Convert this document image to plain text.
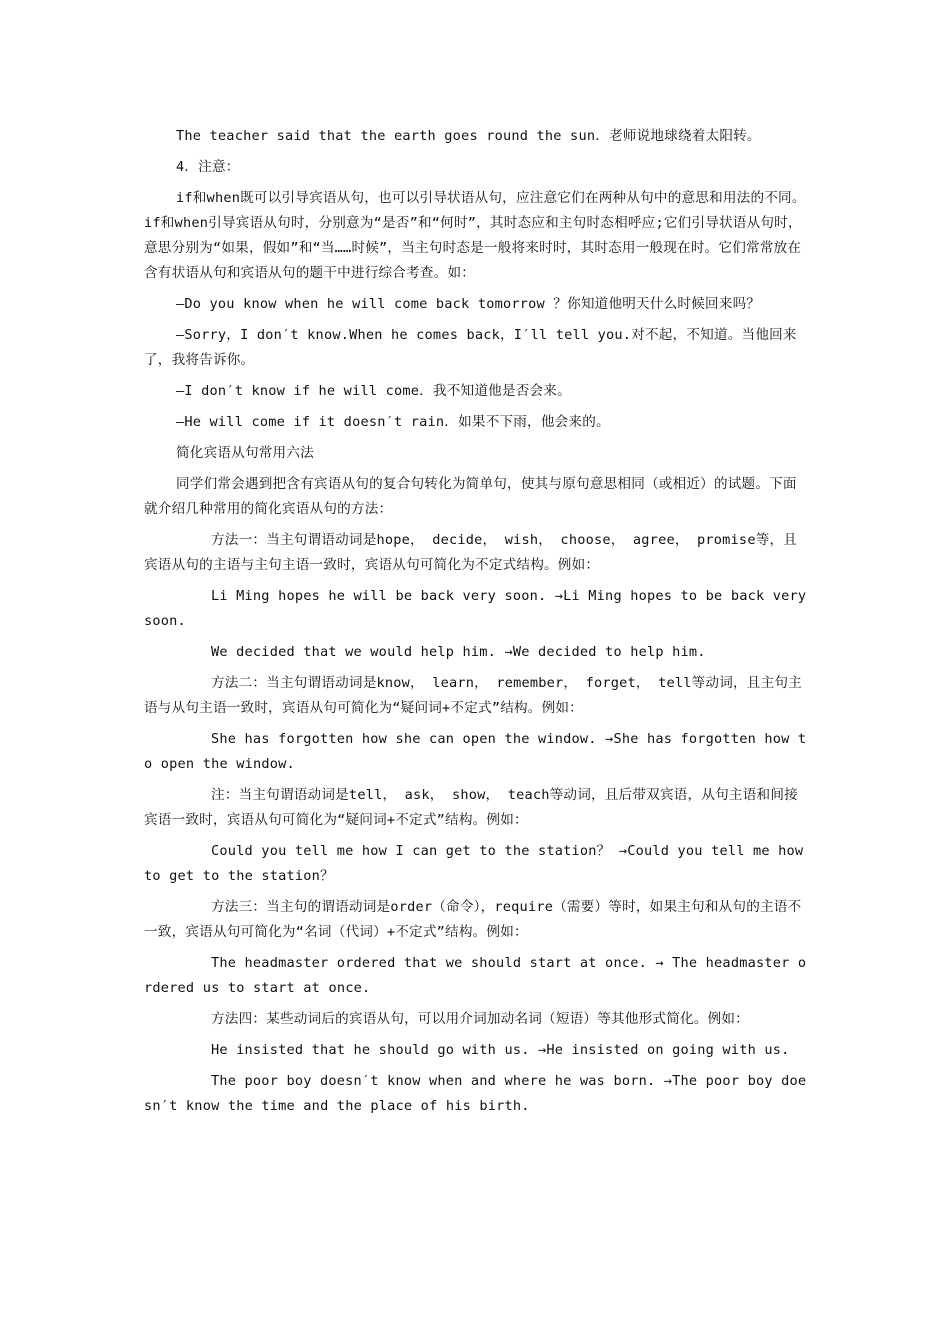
The teacher said that the earth goes round the sun．老师说地球绕着太阳转。

4．注意：

if和when既可以引导宾语从句，也可以引导状语从句，应注意它们在两种从句中的意思和用法的不同。if和when引导宾语从句时，分别意为“是否”和“何时”，其时态应和主句时态相呼应;它们引导状语从句时，意思分别为“如果，假如”和“当……时候”，当主句时态是一般将来时时，其时态用一般现在时。它们常常放在含有状语从句和宾语从句的题干中进行综合考查。如：

—Do you know when he will come back tomorrow ？你知道他明天什么时候回来吗？

—Sorry，I don′t know.When he comes back，I′ll tell you.对不起，不知道。当他回来了，我将告诉你。

—I don′t know if he will come．我不知道他是否会来。

—He will come if it doesn′t rain．如果不下雨，他会来的。

简化宾语从句常用六法

同学们常会遇到把含有宾语从句的复合句转化为简单句，使其与原句意思相同（或相近）的试题。下面就介绍几种常用的简化宾语从句的方法：

方法一：当主句谓语动词是hope， decide， wish， choose， agree， promise等，且宾语从句的主语与主句主语一致时，宾语从句可简化为不定式结构。例如：

Li Ming hopes he will be back very soon. →Li Ming hopes to be back very soon.

We decided that we would help him. →We decided to help him.

方法二：当主句谓语动词是know， learn， remember， forget， tell等动词，且主句主语与从句主语一致时，宾语从句可简化为“疑问词+不定式”结构。例如：

She has forgotten how she can open the window. →She has forgotten how to open the window.

注：当主句谓语动词是tell， ask， show， teach等动词，且后带双宾语，从句主语和间接宾语一致时，宾语从句可简化为“疑问词+不定式”结构。例如：

Could you tell me how I can get to the station？ →Could you tell me how to get to the station？

方法三：当主句的谓语动词是order（命令），require（需要）等时，如果主句和从句的主语不一致，宾语从句可简化为“名词（代词）+不定式”结构。例如：

The headmaster ordered that we should start at once. → The headmaster ordered us to start at once.

方法四：某些动词后的宾语从句，可以用介词加动名词（短语）等其他形式简化。例如：

He insisted that he should go with us. →He insisted on going with us.

The poor boy doesn′t know when and where he was born. →The poor boy doesn′t know the time and the place of his birth.
